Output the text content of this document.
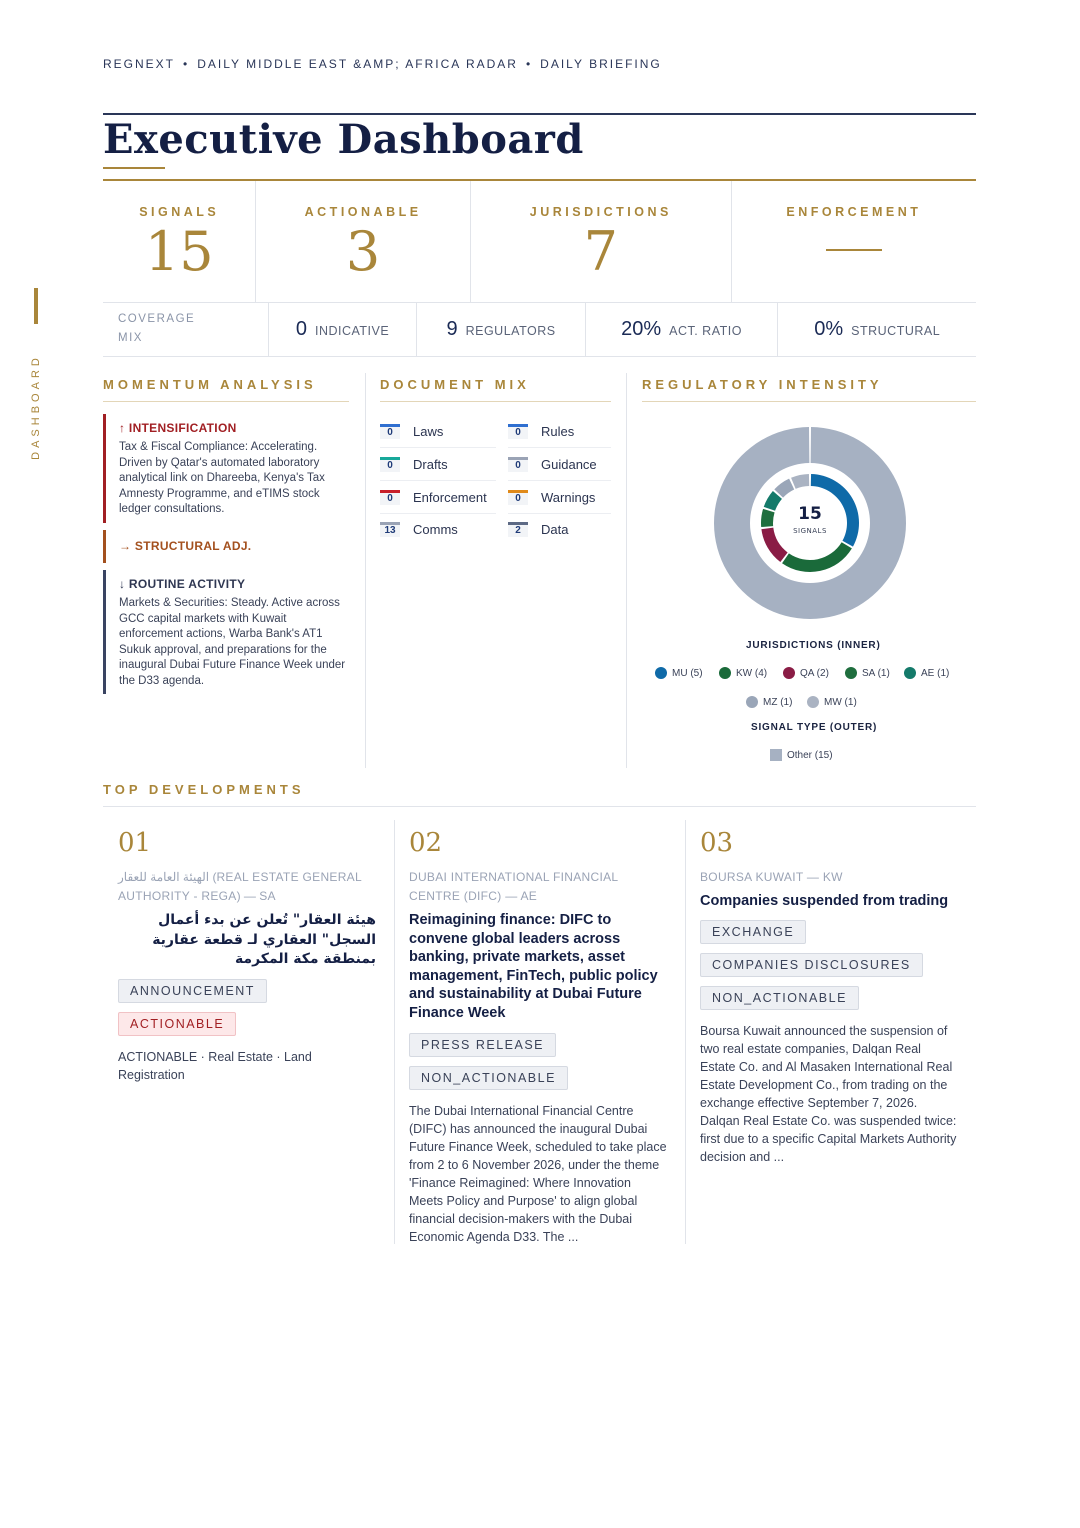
DASHBOARD
REGNEXT • DAILY MIDDLE EAST &AMP; AFRICA RADAR • DAILY BRIEFING
Executive Dashboard
SIGNALS
15
ACTIONABLE
3
JURISDICTIONS
7
ENFORCEMENT
COVERAGE MIX	0 INDICATIVE	9 REGULATORS	20% ACT. RATIO	0% STRUCTURAL
MOMENTUM ANALYSIS	DOCUMENT MIX	REGULATORY INTENSITY
↑ INTENSIFICATION
Tax & Fiscal Compliance: Accelerating. Driven by Qatar's automated laboratory analytical link on Dhareeba, Kenya's Tax Amnesty Programme, and eTIMS stock ledger consultations.
→ STRUCTURAL ADJ.
↓ ROUTINE ACTIVITY
Markets & Securities: Steady. Active across GCC capital markets with Kuwait enforcement actions, Warba Bank's AT1 Sukuk approval, and preparations for the inaugural Dubai Future Finance Week under the D33 agenda.
0	Laws	0	Rules
0	Drafts	0	Guidance
0	Enforcement	0	Warnings
13	Comms	2	Data
15
SIGNALS
JURISDICTIONS (INNER)
MU (5)	KW (4)	QA (2)	SA (1)	AE (1)
MZ (1)	MW (1)
SIGNAL TYPE (OUTER)
Other (15)
TOP DEVELOPMENTS
01
الهيئة العامة للعقار (REAL ESTATE GENERAL AUTHORITY - REGA) — SA
هيئة العقار" تُعلن عن بدء أعمال السجل" العقاري لـ قطعة عقارية بمنطقة مكة المكرمة
ANNOUNCEMENT
ACTIONABLE
ACTIONABLE · Real Estate · Land Registration
02
DUBAI INTERNATIONAL FINANCIAL CENTRE (DIFC) — AE
Reimagining finance: DIFC to convene global leaders across banking, private markets, asset management, FinTech, public policy and sustainability at Dubai Future Finance Week
PRESS RELEASE
NON_ACTIONABLE
The Dubai International Financial Centre (DIFC) has announced the inaugural Dubai Future Finance Week, scheduled to take place from 2 to 6 November 2026, under the theme 'Finance Reimagined: Where Innovation Meets Policy and Purpose' to align global financial decision-makers with the Dubai Economic Agenda D33. The ...
03
BOURSA KUWAIT — KW
Companies suspended from trading
EXCHANGE
COMPANIES DISCLOSURES
NON_ACTIONABLE
Boursa Kuwait announced the suspension of two real estate companies, Dalqan Real Estate Co. and Al Masaken International Real Estate Development Co., from trading on the exchange effective September 7, 2026. Dalqan Real Estate Co. was suspended twice: first due to a specific Capital Markets Authority decision and ...
